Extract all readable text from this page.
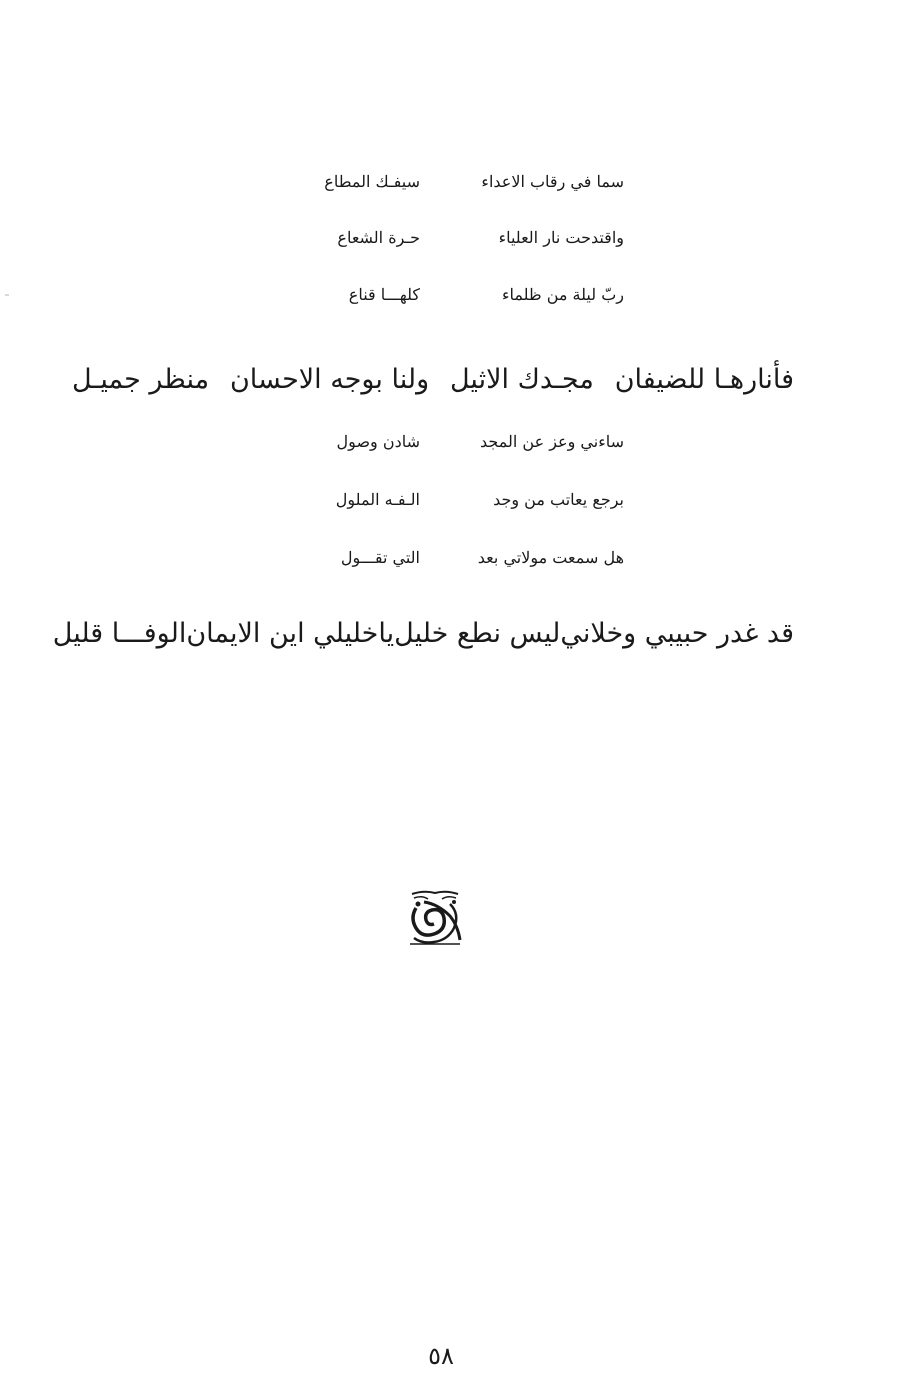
سما في رقاب الاعداء
سيفـك المطاع
واقتدحت نار العلياء
حـرة الشعاع
ربّ ليلة من ظلماء
كلهـــا قناع
فأنارهـا للضيفان
مجـدك الاثيل
ولنا بوجه الاحسان
منظر جميـل
ساءني وعز عن المجد
شادن وصول
برجع يعاتب من وجد
الـفـه الملول
هل سمعت مولاتي بعد
التي تقـــول
قد غدر حبيبي وخلاني
ليس نطع خليل
ياخليلي اين الايمان
الوفـــا قليل
٥٨
